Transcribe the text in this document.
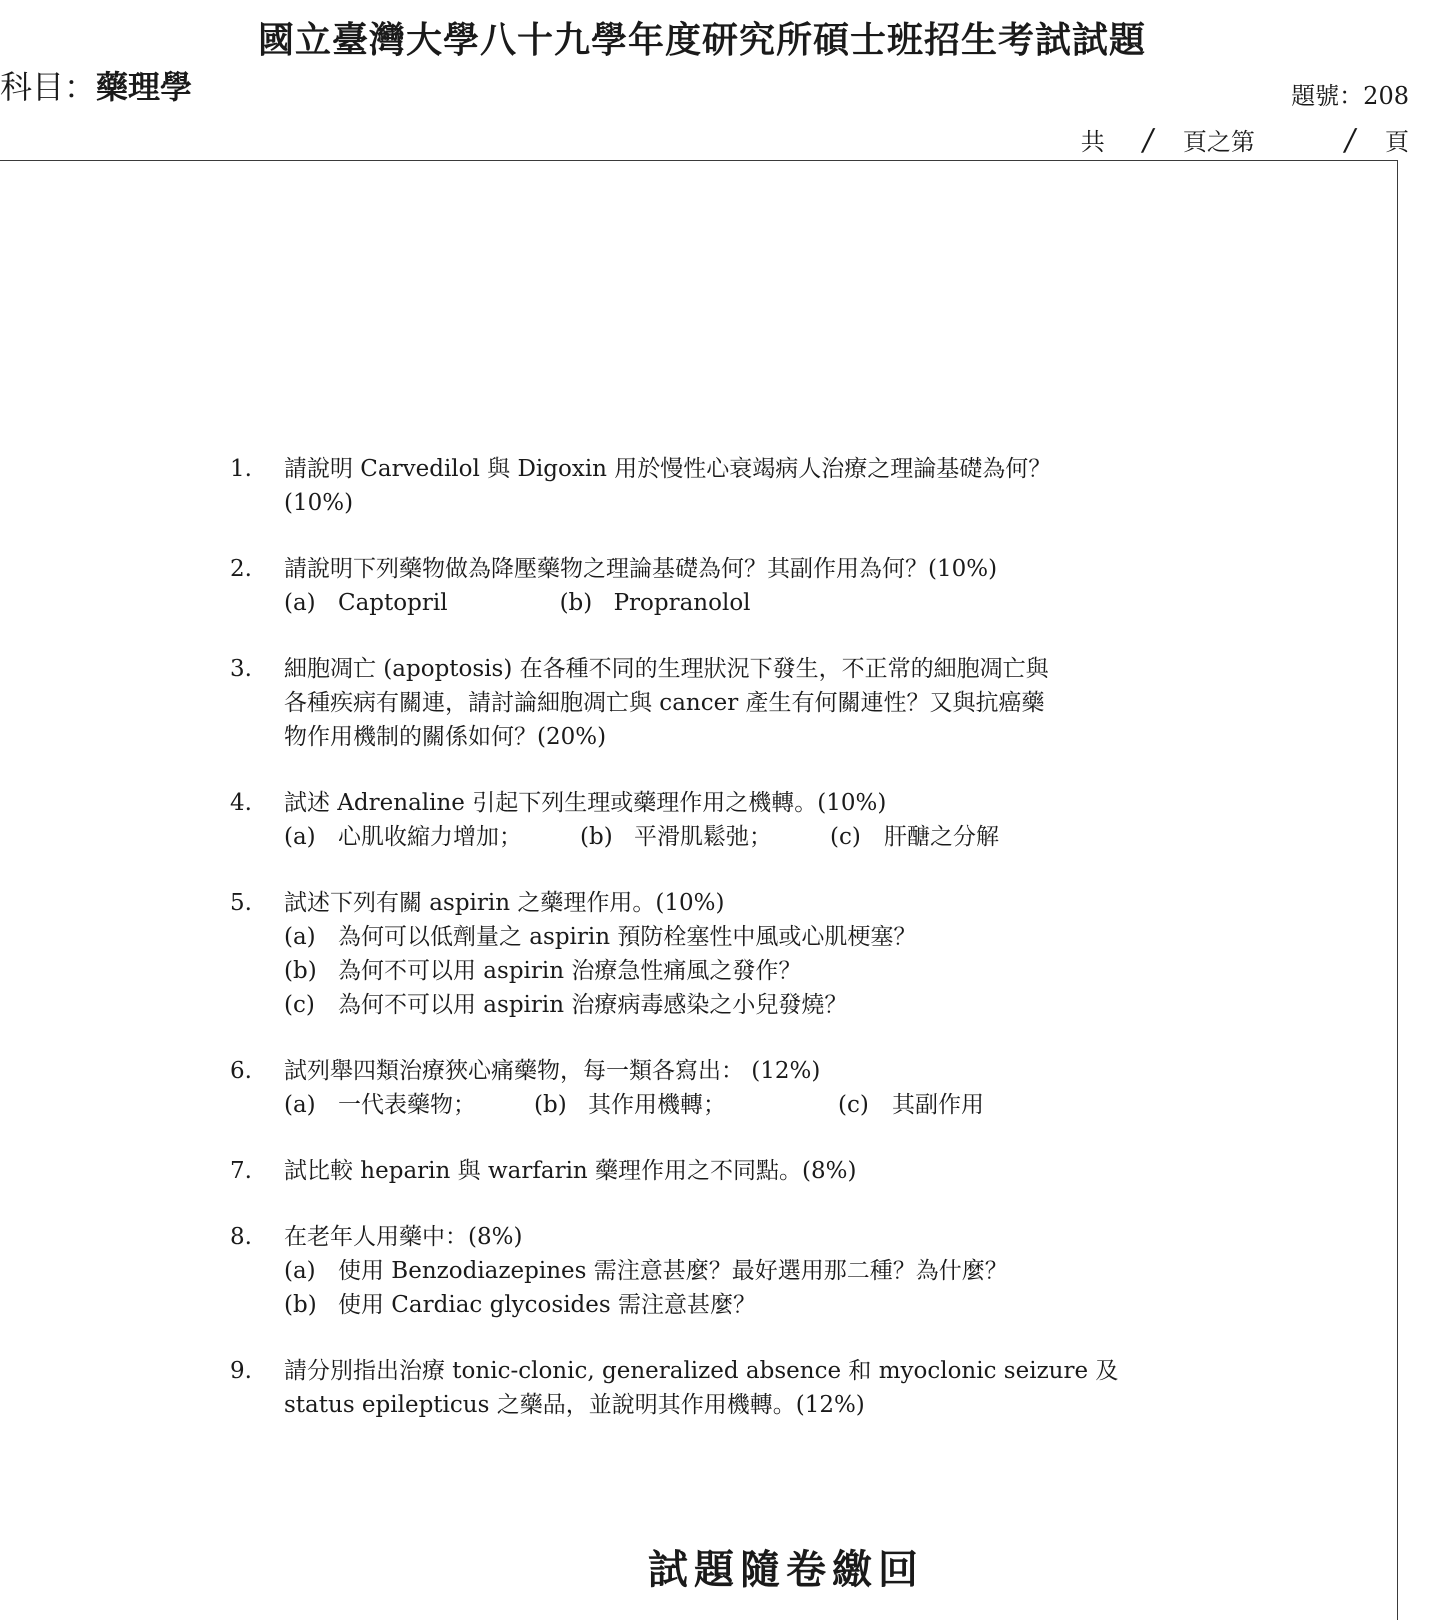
國立臺灣大學八十九學年度研究所碩士班招生考試試題
科目：藥理學	題號：208
共 / 頁之第	/ 頁
1. 請說明 Carvedilol 與 Digoxin 用於慢性心衰竭病人治療之理論基礎為何？
(10%)
2. 請說明下列藥物做為降壓藥物之理論基礎為何？其副作用為何？(10%)
(a) Captopril	(b) Propranolol
3. 細胞凋亡 (apoptosis) 在各種不同的生理狀況下發生，不正常的細胞凋亡與
各種疾病有關連，請討論細胞凋亡與 cancer 產生有何關連性？又與抗癌藥
物作用機制的關係如何？(20%)
4. 試述 Adrenaline 引起下列生理或藥理作用之機轉。(10%)
(a) 心肌收縮力增加；	(b) 平滑肌鬆弛；	(c)	肝醣之分解
5. 試述下列有關 aspirin 之藥理作用。(10%)
(a) 為何可以低劑量之 aspirin 預防栓塞性中風或心肌梗塞？
(b) 為何不可以用 aspirin 治療急性痛風之發作？
(c)	為何不可以用 aspirin 治療病毒感染之小兒發燒？
6. 試列舉四類治療狹心痛藥物，每一類各寫出： (12%)
(a) 一代表藥物；	(b) 其作用機轉；	(c)	其副作用
7. 試比較 heparin 與 warfarin 藥理作用之不同點。(8%)
8. 在老年人用藥中：(8%)
(a) 使用 Benzodiazepines 需注意甚麼？最好選用那二種？為什麼？
(b) 使用 Cardiac glycosides 需注意甚麼？
9. 請分別指出治療 tonic-clonic, generalized absence 和 myoclonic seizure 及
status epilepticus 之藥品，並說明其作用機轉。(12%)
試題隨卷繳回
